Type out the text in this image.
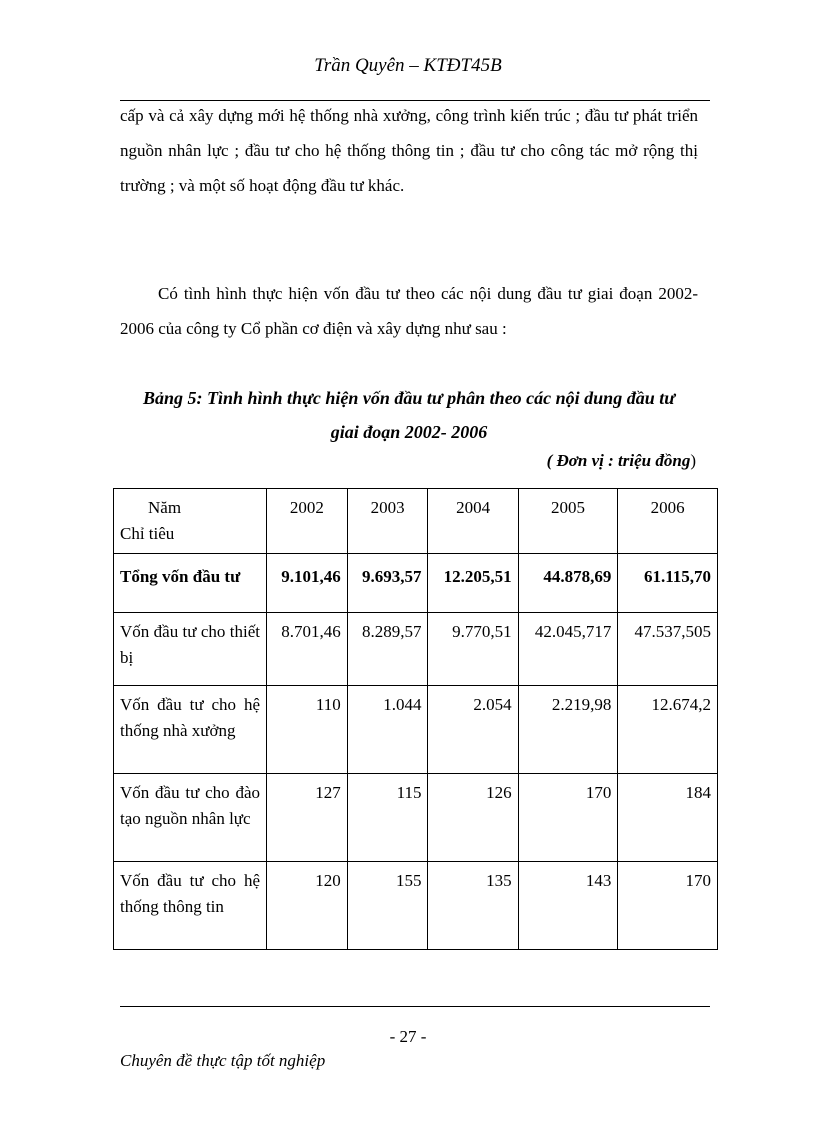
Trần Quyên – KTĐT45B
cấp và cả xây dựng mới hệ thống nhà xưởng, công trình kiến trúc ; đầu tư phát triển nguồn nhân lực ; đầu tư cho hệ thống thông tin ; đầu tư cho công tác mở rộng thị trường ; và một số hoạt động đầu tư khác.
Có tình hình thực hiện vốn đầu tư theo các nội dung đầu tư giai đoạn 2002- 2006 của công ty Cổ phần cơ điện và xây dựng như sau :
Bảng 5: Tình hình thực hiện vốn đầu tư phân theo các nội dung đầu tư
giai đoạn 2002- 2006
( Đơn vị : triệu đồng)
Năm
Chỉ tiêu	2002	2003	2004	2005	2006
Tổng vốn đầu tư	9.101,46	9.693,57	12.205,51	44.878,69	61.115,70
Vốn đầu tư cho thiết bị	8.701,46	8.289,57	9.770,51	42.045,717	47.537,505
Vốn đầu tư cho hệ thống nhà xưởng	110	1.044	2.054	2.219,98	12.674,2
Vốn đầu tư cho đào tạo nguồn nhân lực	127	115	126	170	184
Vốn đầu tư cho hệ thống thông tin	120	155	135	143	170
- 27 -
Chuyên đề thực tập tốt nghiệp
